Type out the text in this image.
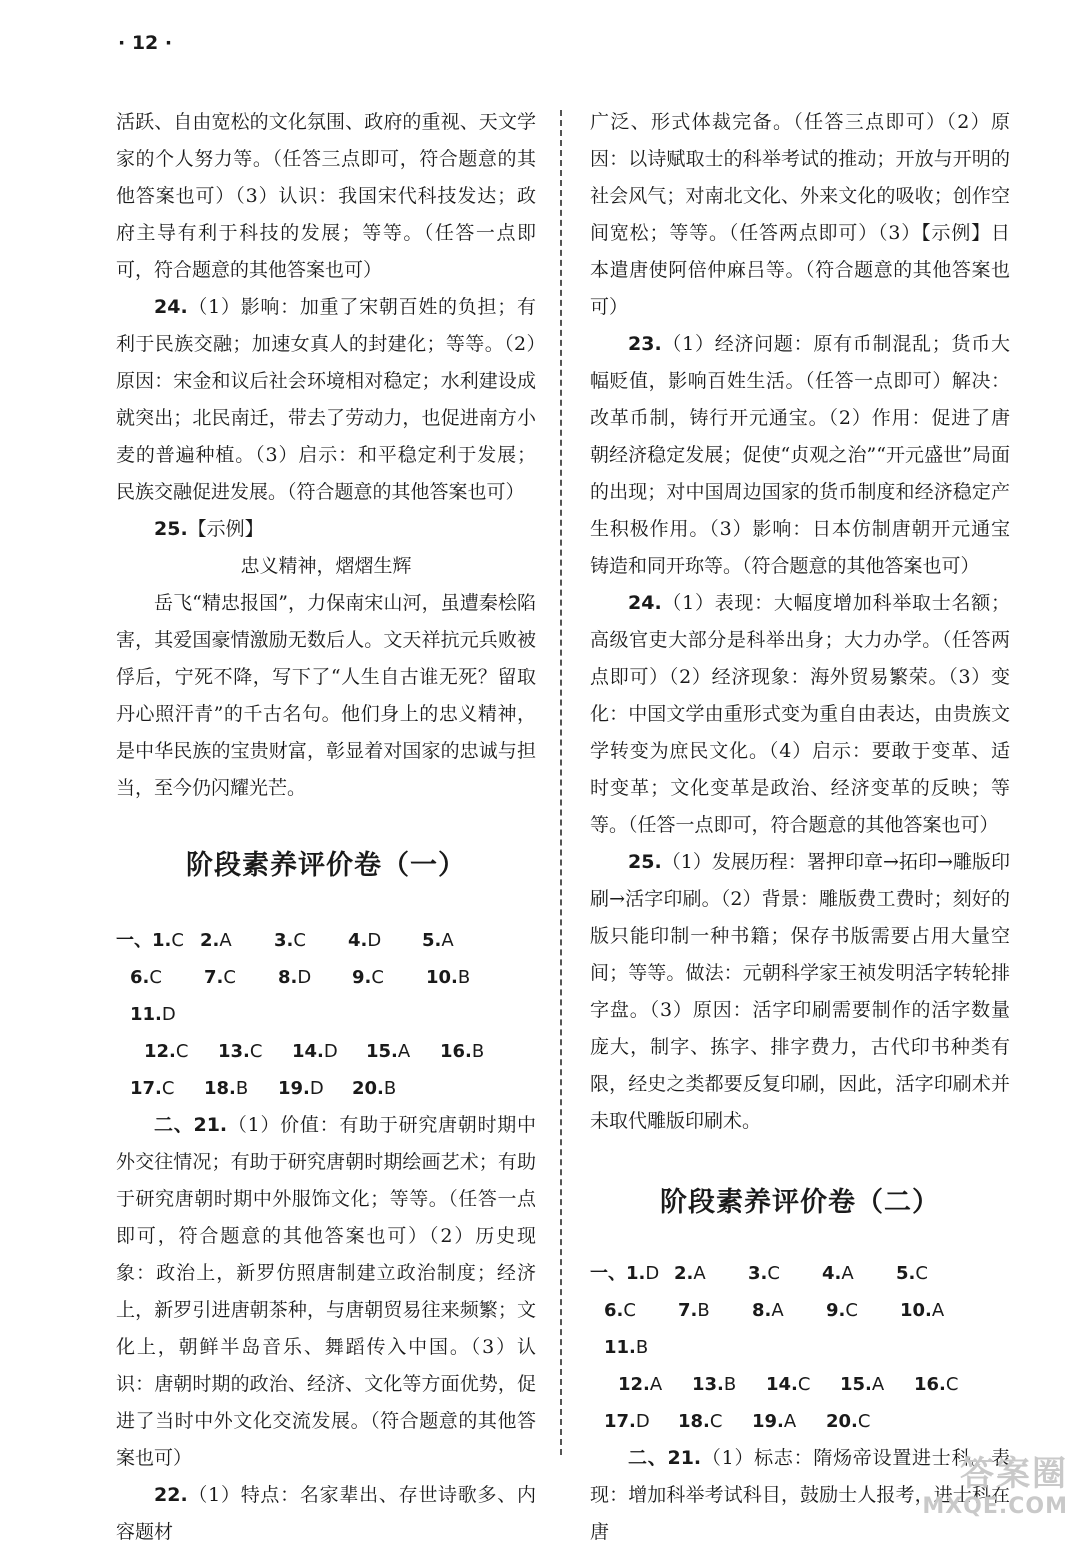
· 12 ·

活跃、自由宽松的文化氛围、政府的重视、天文学家的个人努力等。（任答三点即可，符合题意的其他答案也可）（3）认识：我国宋代科技发达；政府主导有利于科技的发展；等等。（任答一点即可，符合题意的其他答案也可）

24.（1）影响：加重了宋朝百姓的负担；有利于民族交融；加速女真人的封建化；等等。（2）原因：宋金和议后社会环境相对稳定；水利建设成就突出；北民南迁，带去了劳动力，也促进南方小麦的普遍种植。（3）启示：和平稳定利于发展；民族交融促进发展。（符合题意的其他答案也可）

25.【示例】

忠义精神，熠熠生辉

岳飞“精忠报国”，力保南宋山河，虽遭秦桧陷害，其爱国豪情激励无数后人。文天祥抗元兵败被俘后，宁死不降，写下了“人生自古谁无死？留取丹心照汗青”的千古名句。他们身上的忠义精神，是中华民族的宝贵财富，彰显着对国家的忠诚与担当，至今仍闪耀光芒。

阶段素养评价卷（一）
一、1.C 2.A	3.C	4.D	5.A
6.C	7.C	8.D	9.C	10.B
11.D
12.C	13.C	14.D	15.A	16.B
17.C	18.B	19.D	20.B

二、21.（1）价值：有助于研究唐朝时期中外交往情况；有助于研究唐朝时期绘画艺术；有助于研究唐朝时期中外服饰文化；等等。（任答一点即可，符合题意的其他答案也可）（2）历史现象：政治上，新罗仿照唐制建立政治制度；经济上，新罗引进唐朝茶种，与唐朝贸易往来频繁；文化上，朝鲜半岛音乐、舞蹈传入中国。（3）认识：唐朝时期的政治、经济、文化等方面优势，促进了当时中外文化交流发展。（符合题意的其他答案也可）

22.（1）特点：名家辈出、存世诗歌多、内容题材

广泛、形式体裁完备。（任答三点即可）（2）原因：以诗赋取士的科举考试的推动；开放与开明的社会风气；对南北文化、外来文化的吸收；创作空间宽松；等等。（任答两点即可）（3）【示例】日本遣唐使阿倍仲麻吕等。（符合题意的其他答案也可）

23.（1）经济问题：原有币制混乱；货币大幅贬值，影响百姓生活。（任答一点即可）解决：改革币制，铸行开元通宝。（2）作用：促进了唐朝经济稳定发展；促使“贞观之治”“开元盛世”局面的出现；对中国周边国家的货币制度和经济稳定产生积极作用。（3）影响：日本仿制唐朝开元通宝铸造和同开珎等。（符合题意的其他答案也可）

24.（1）表现：大幅度增加科举取士名额；高级官吏大部分是科举出身；大力办学。（任答两点即可）（2）经济现象：海外贸易繁荣。（3）变化：中国文学由重形式变为重自由表达，由贵族文学转变为庶民文化。（4）启示：要敢于变革、适时变革；文化变革是政治、经济变革的反映；等等。（任答一点即可，符合题意的其他答案也可）

25.（1）发展历程：署押印章→拓印→雕版印刷→活字印刷。（2）背景：雕版费工费时；刻好的版只能印制一种书籍；保存书版需要占用大量空间；等等。做法：元朝科学家王祯发明活字转轮排字盘。（3）原因：活字印刷需要制作的活字数量庞大，制字、拣字、排字费力，古代印书种类有限，经史之类都要反复印刷，因此，活字印刷术并未取代雕版印刷术。

阶段素养评价卷（二）
一、1.D 2.A	3.C	4.A	5.C
6.C	7.B	8.A	9.C	10.A
11.B
12.A	13.B	14.C	15.A	16.C
17.D	18.C	19.A	20.C

二、21.（1）标志：隋炀帝设置进士科。表现：增加科举考试科目，鼓励士人报考，进士科在唐

答案圈
MXQE.COM
